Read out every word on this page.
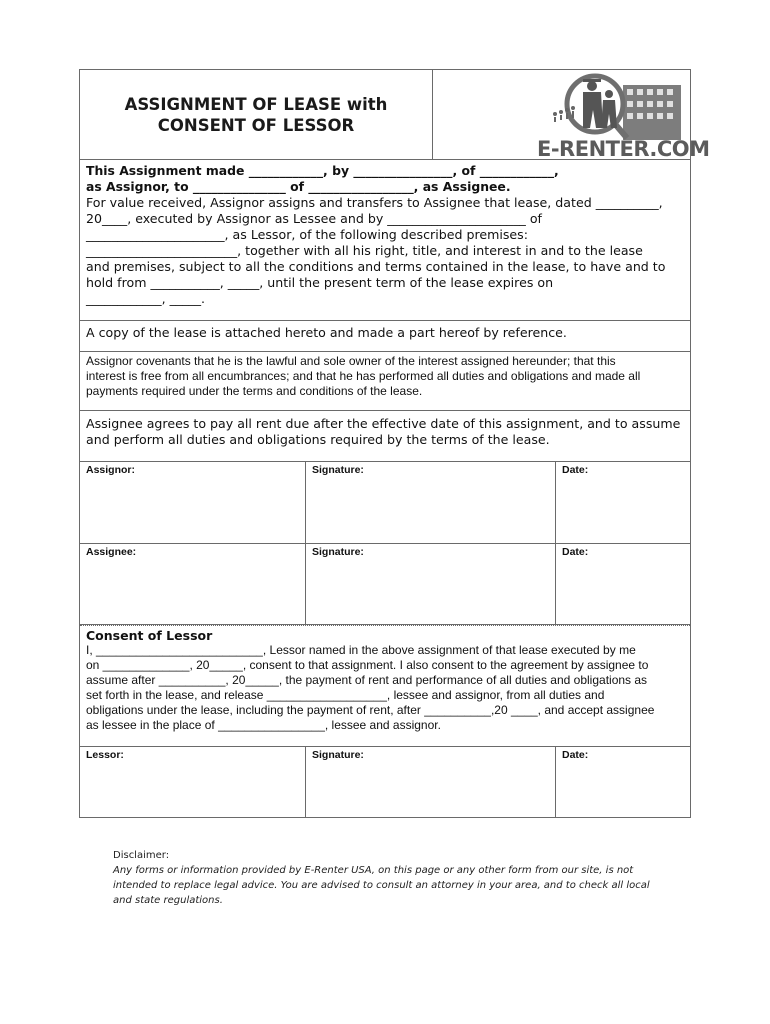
ASSIGNMENT OF LEASE with
CONSENT OF LESSOR
E-RENTER.COM
This Assignment made ____________, by ________________, of ____________,
as Assignor, to _______________ of _________________, as Assignee.
For value received, Assignor assigns and transfers to Assignee that lease, dated __________,
20____, executed by Assignor as Lessee and by ______________________ of
______________________, as Lessor, of the following described premises:
________________________, together with all his right, title, and interest in and to the lease
and premises, subject to all the conditions and terms contained in the lease, to have and to
hold from ___________, _____, until the present term of the lease expires on
____________, _____.
A copy of the lease is attached hereto and made a part hereof by reference.
Assignor covenants that he is the lawful and sole owner of the interest assigned hereunder; that this
interest is free from all encumbrances; and that he has performed all duties and obligations and made all
payments required under the terms and conditions of the lease.
Assignee agrees to pay all rent due after the effective date of this assignment, and to assume
and perform all duties and obligations required by the terms of the lease.
Assignor:	Signature:	Date:
Assignee:	Signature:	Date:
Consent of Lessor
I, _________________________, Lessor named in the above assignment of that lease executed by me
on _____________, 20_____, consent to that assignment. I also consent to the agreement by assignee to
assume after __________, 20_____, the payment of rent and performance of all duties and obligations as
set forth in the lease, and release __________________, lessee and assignor, from all duties and
obligations under the lease, including the payment of rent, after __________,20 ____, and accept assignee
as lessee in the place of ________________, lessee and assignor.
Lessor:	Signature:	Date:
Disclaimer:
Any forms or information provided by E-Renter USA, on this page or any other form from our site, is not
intended to replace legal advice. You are advised to consult an attorney in your area, and to check all local
and state regulations.
